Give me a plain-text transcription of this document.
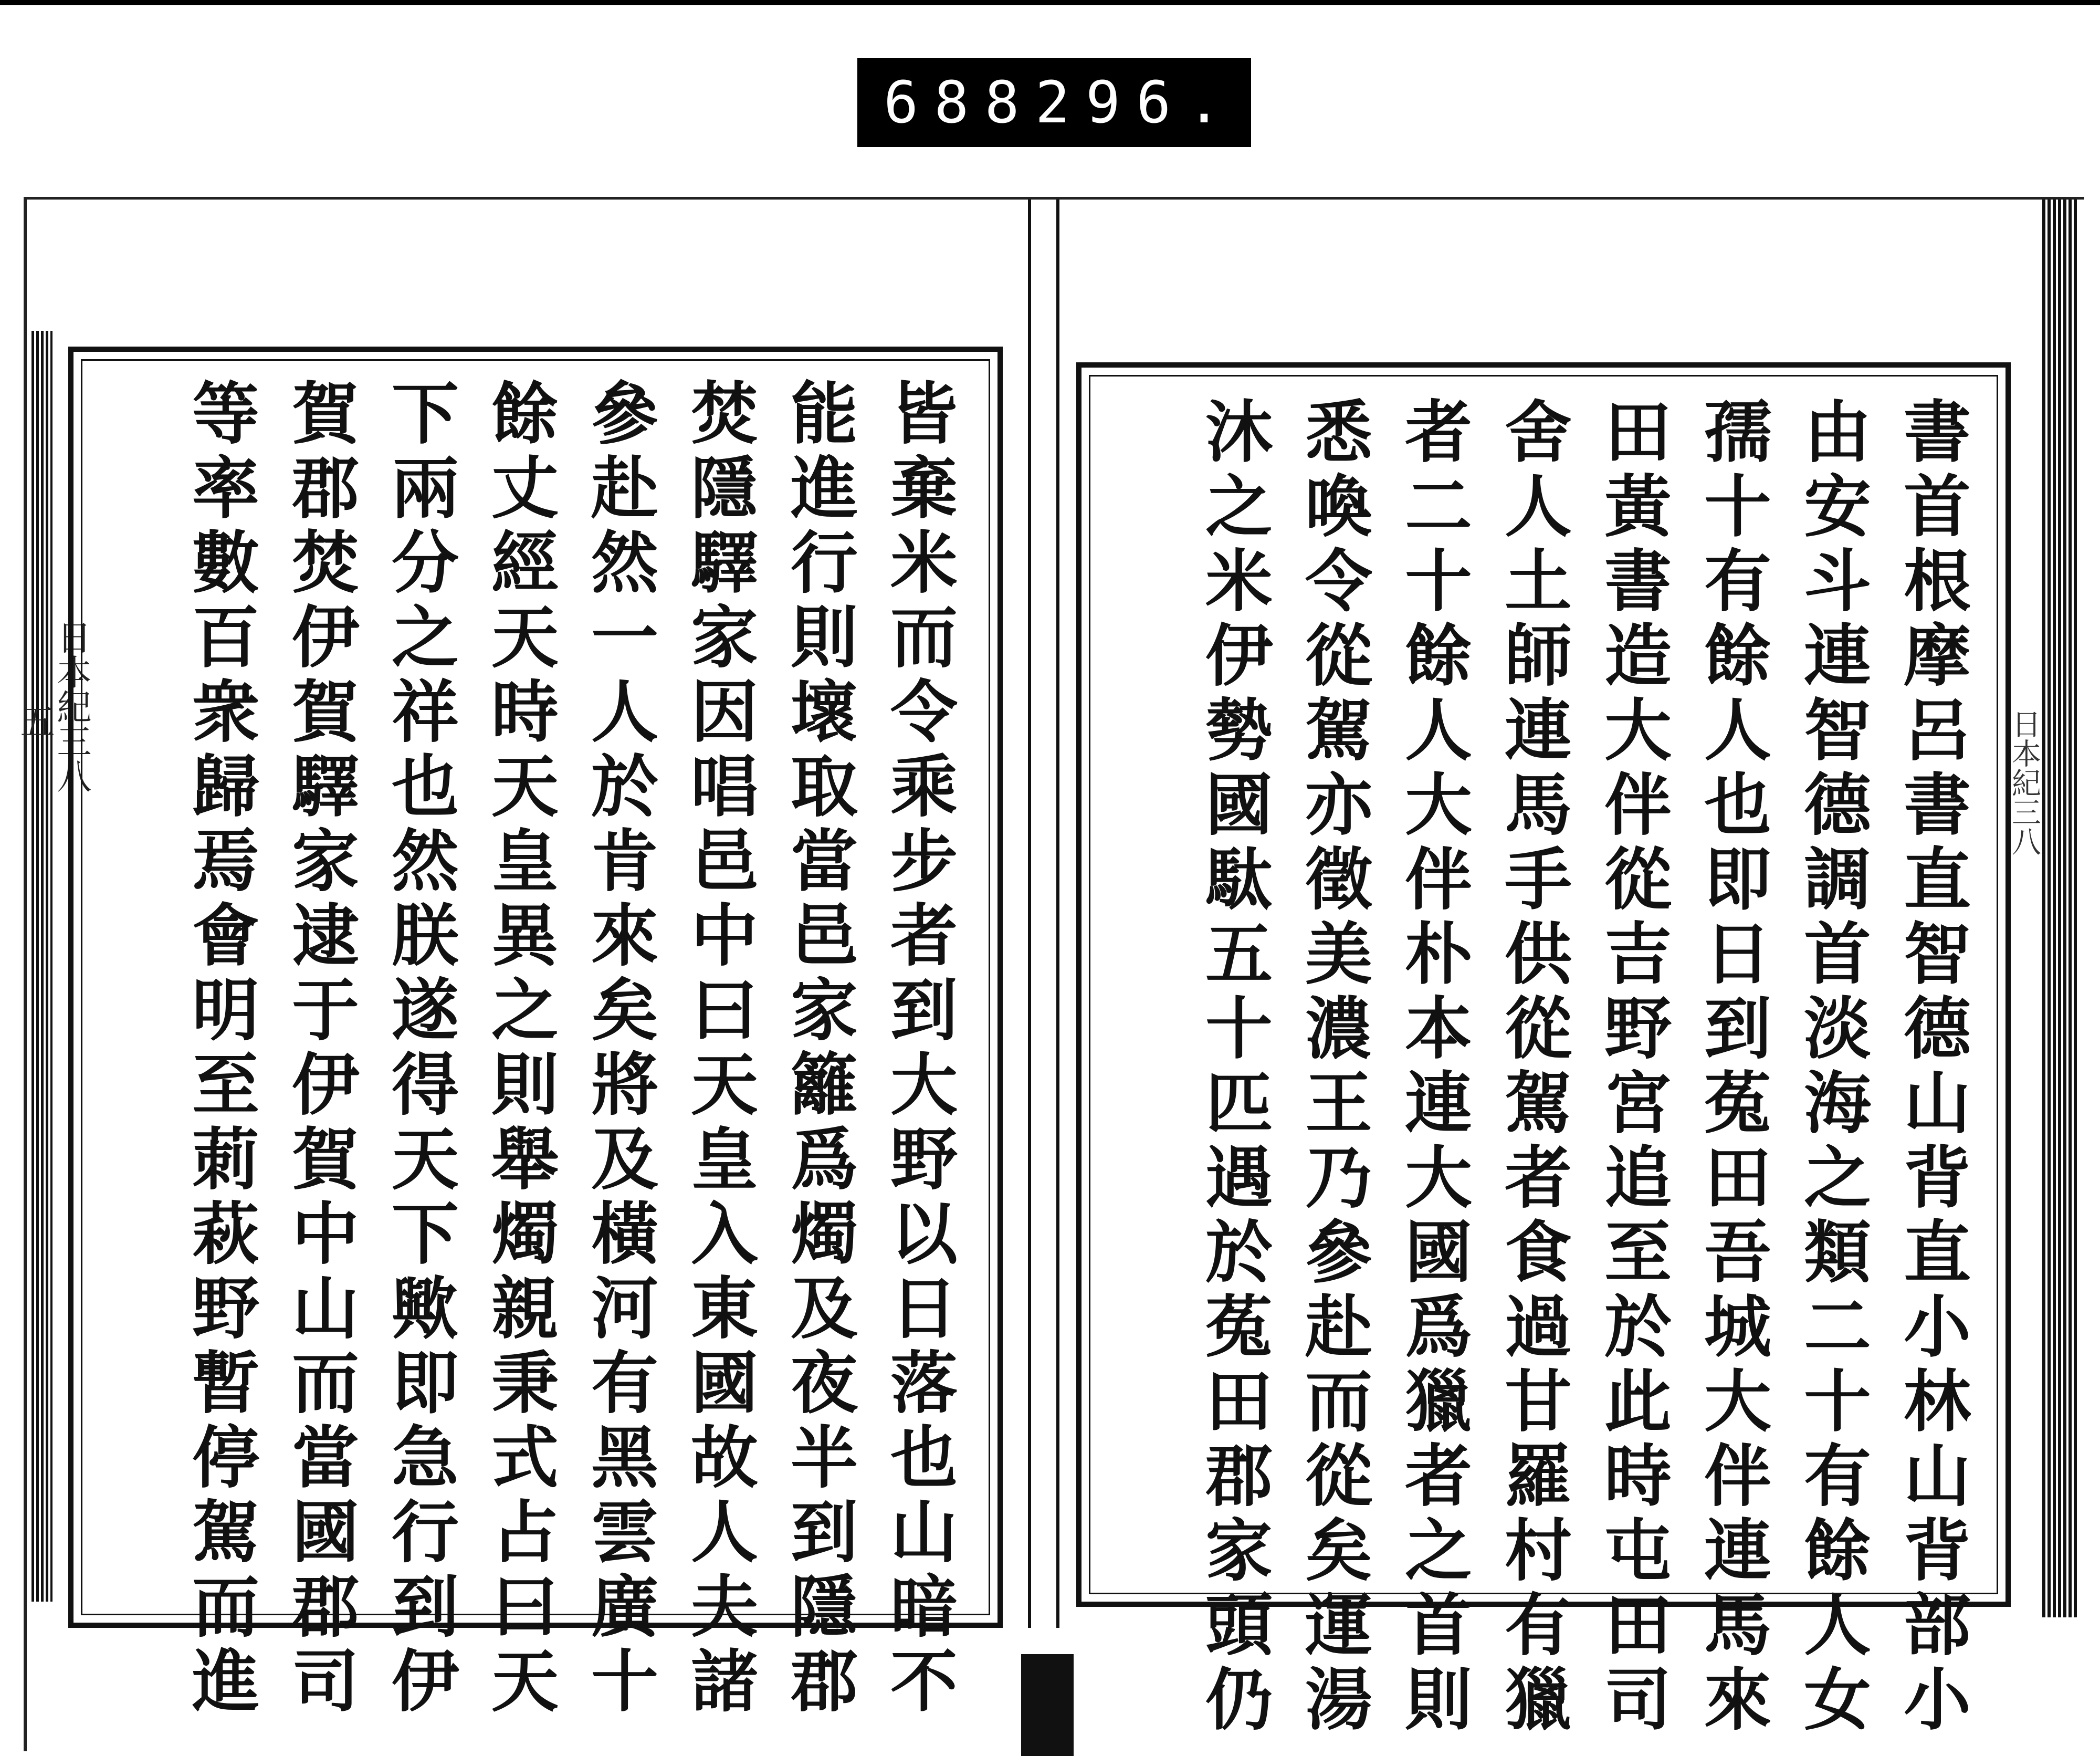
688 296.
日本紀三八
五	日本紀三八
皆棄米而令乘步者到大野以日落也山暗不
能進行則壞取當邑家籬爲燭及夜半到隱郡
焚隱驛家因唱邑中曰天皇入東國故人夫諸
參赴然一人於肯來矣將及橫河有黑雲廣十
餘丈經天時天皇異之則舉燭親秉式占曰天
下兩分之祥也然朕遂得天下歟即急行到伊
賀郡焚伊賀驛家逮于伊賀中山而當國郡司
等率數百衆歸焉會明至莿萩野暫停駕而進	書首根摩呂書直智德山背直小林山背部小
由安斗連智德調首淡海之類二十有餘人女
孺十有餘人也即日到菟田吾城大伴連馬來
田黃書造大伴從吉野宮追至於此時屯田司
舍人土師連馬手供從駕者食過甘羅村有獵
者二十餘人大伴朴本連大國爲獵者之首則
悉喚令從駕亦徵美濃王乃參赴而從矣運湯
沐之米伊勢國駄五十匹遇於菟田郡家頭仍
